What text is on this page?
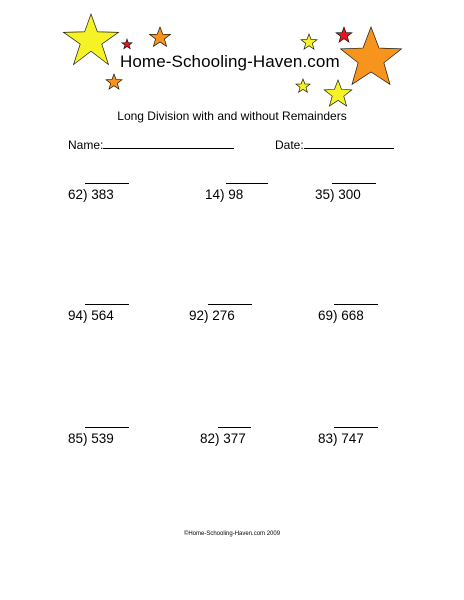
Home-Schooling-Haven.com
Long Division with and without Remainders
Name:	Date:
62) 383	14) 98	35) 300
94) 564	92) 276	69) 668
85) 539	82) 377	83) 747
©Home-Schooling-Haven.com 2009
